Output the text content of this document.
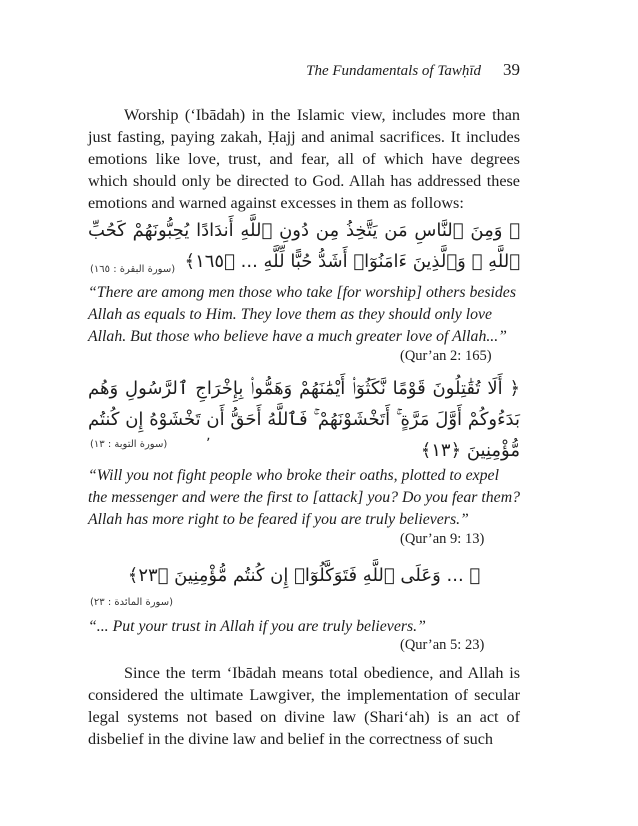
The Fundamentals of Tawḥīd 39

Worship (‘Ibādah) in the Islamic view, includes more than just fasting, paying zakah, Ḥajj and animal sacrifices. It includes emotions like love, trust, and fear, all of which have degrees which should only be directed to God. Allah has addressed these emotions and warned against excesses in them as follows:

﴿ وَمِنَ ٱلنَّاسِ مَن يَتَّخِذُ مِن دُونِ ٱللَّهِ أَندَادًا يُحِبُّونَهُمْ كَحُبِّ ٱللَّهِ ۖ وَٱلَّذِينَ ءَامَنُوٓا۟ أَشَدُّ حُبًّا لِّلَّهِ ... ﴿١٦٥﴾

(سورة البقرة : ١٦٥)

“There are among men those who take [for worship] others besides Allah as equals to Him. They love them as they should only love Allah. But those who believe have a much greater love of Allah...”

(Qur’an 2: 165)

﴿ أَلَا تُقَٰتِلُونَ قَوْمًا نَّكَثُوٓا۟ أَيْمَٰنَهُمْ وَهَمُّوا۟ بِإِخْرَاجِ ٱلرَّسُولِ وَهُم بَدَءُوكُمْ أَوَّلَ مَرَّةٍ ۚ أَتَخْشَوْنَهُمْ ۚ فَٱللَّهُ أَحَقُّ أَن تَخْشَوْهُ إِن كُنتُم مُّؤْمِنِينَ ﴿١٣﴾

(سورة التوبة : ١٣)	٬

“Will you not fight people who broke their oaths, plotted to expel the messenger and were the first to [attack] you? Do you fear them? Allah has more right to be feared if you are truly believers.”

(Qur’an 9: 13)

﴿ ... وَعَلَى ٱللَّهِ فَتَوَكَّلُوٓا۟ إِن كُنتُم مُّؤْمِنِينَ ﴿٢٣﴾

(سورة المائدة : ٢٣)

“... Put your trust in Allah if you are truly believers.”

(Qur’an 5: 23)

Since the term ‘Ibādah means total obedience, and Allah is considered the ultimate Lawgiver, the implementation of secular legal systems not based on divine law (Shari‘ah) is an act of disbelief in the divine law and belief in the correctness of such
